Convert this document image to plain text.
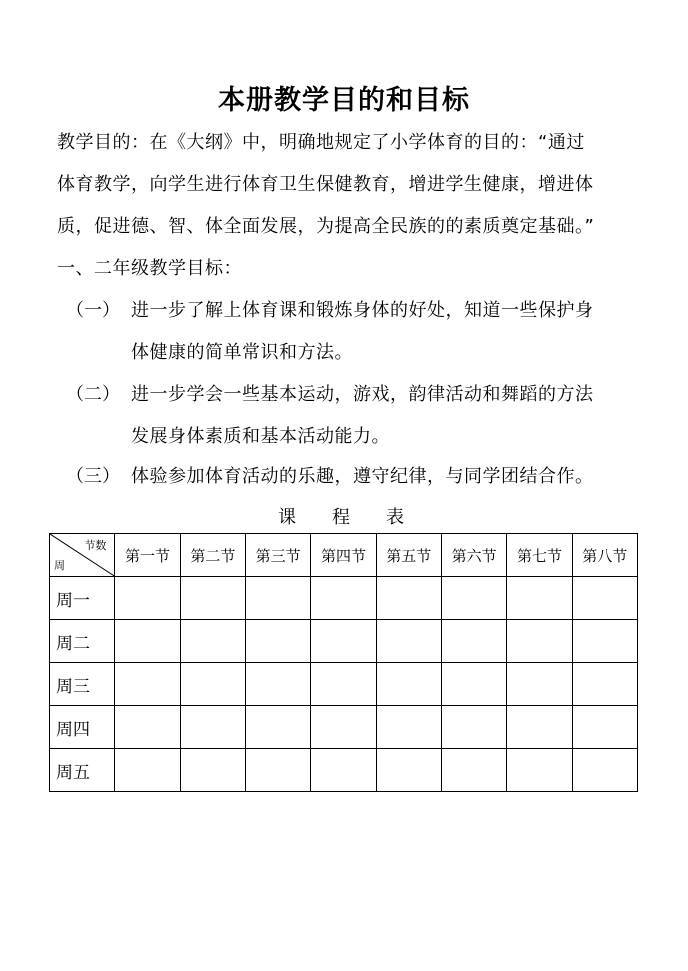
本册教学目的和目标
教学目的：在《大纲》中，明确地规定了小学体育的目的：“通过
体育教学，向学生进行体育卫生保健教育，增进学生健康，增进体
质，促进德、智、体全面发展，为提高全民族的的素质奠定基础。”
一、二年级教学目标：
（一） 进一步了解上体育课和锻炼身体的好处，知道一些保护身
体健康的简单常识和方法。
（二） 进一步学会一些基本运动，游戏，韵律活动和舞蹈的方法
发展身体素质和基本活动能力。
（三） 体验参加体育活动的乐趣，遵守纪律，与同学团结合作。
课程表
节数
周	第一节	第二节	第三节	第四节	第五节	第六节	第七节	第八节
周一								
周二								
周三								
周四								
周五								
